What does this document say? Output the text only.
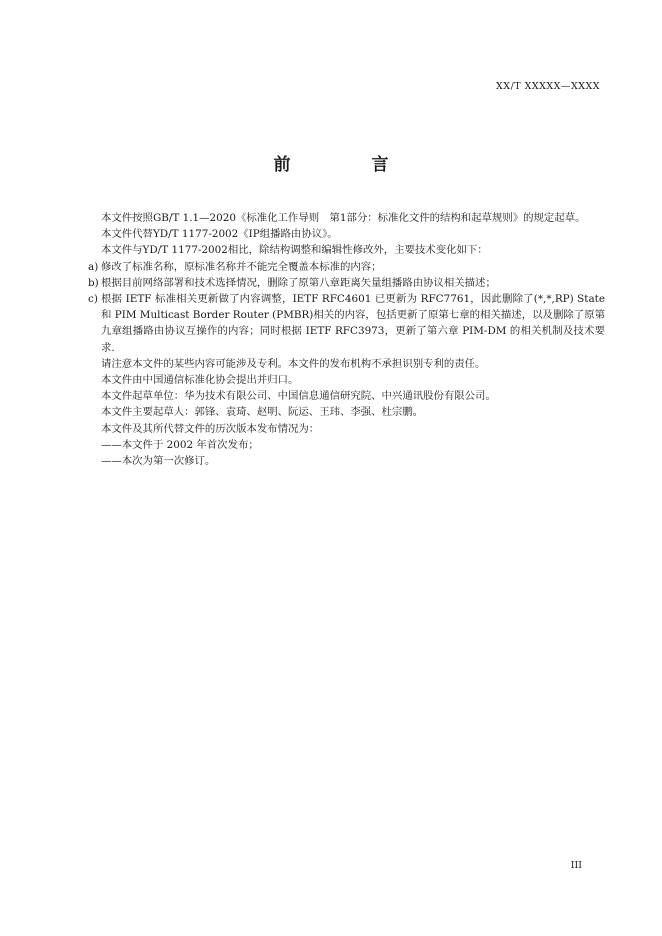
XX/T XXXXX—XXXX
前　言

本文件按照GB/T 1.1—2020《标准化工作导则　第1部分：标准化文件的结构和起草规则》的规定起草。

本文件代替YD/T 1177-2002《IP组播路由协议》。

本文件与YD/T 1177-2002相比，除结构调整和编辑性修改外，主要技术变化如下：

a) 修改了标准名称，原标准名称并不能完全覆盖本标准的内容；

b) 根据目前网络部署和技术选择情况，删除了原第八章距离矢量组播路由协议相关描述；

c) 根据 IETF 标准相关更新做了内容调整，IETF RFC4601 已更新为 RFC7761，因此删除了(*,*,RP) State 和 PIM Multicast Border Router (PMBR)相关的内容，包括更新了原第七章的相关描述，以及删除了原第九章组播路由协议互操作的内容；同时根据 IETF RFC3973，更新了第六章 PIM-DM 的相关机制及技术要求.

请注意本文件的某些内容可能涉及专利。本文件的发布机构不承担识别专利的责任。

本文件由中国通信标准化协会提出并归口。

本文件起草单位：华为技术有限公司、中国信息通信研究院、中兴通讯股份有限公司。

本文件主要起草人：郭锋、袁琦、赵明、阮运、王玮、李强、杜宗鹏。

本文件及其所代替文件的历次版本发布情况为：

——本文件于 2002 年首次发布；

——本次为第一次修订。

III
